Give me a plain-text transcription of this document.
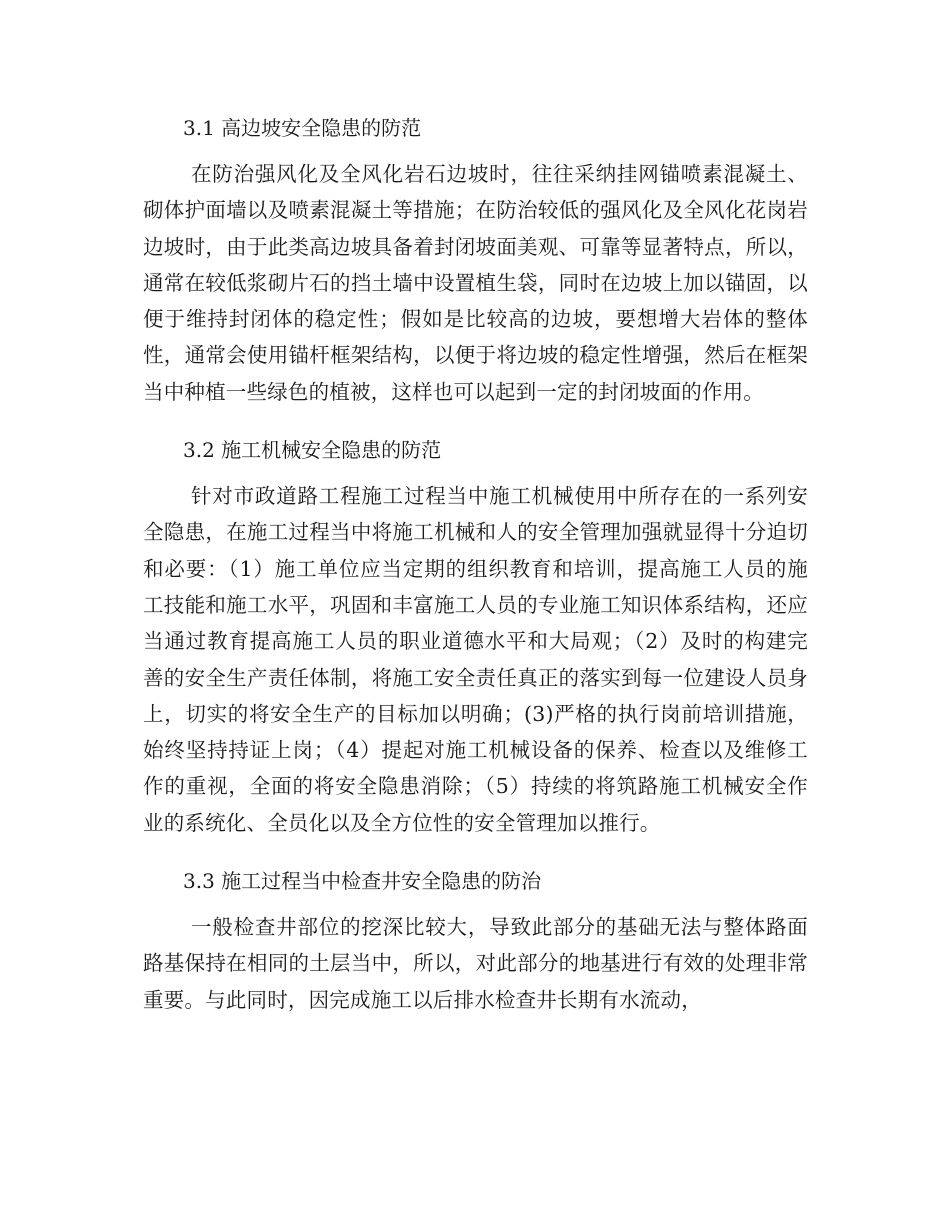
3.1 高边坡安全隐患的防范

在防治强风化及全风化岩石边坡时，往往采纳挂网锚喷素混凝土、砌体护面墙以及喷素混凝土等措施；在防治较低的强风化及全风化花岗岩边坡时，由于此类高边坡具备着封闭坡面美观、可靠等显著特点，所以，通常在较低浆砌片石的挡土墙中设置植生袋，同时在边坡上加以锚固，以便于维持封闭体的稳定性；假如是比较高的边坡，要想增大岩体的整体性，通常会使用锚杆框架结构，以便于将边坡的稳定性增强，然后在框架当中种植一些绿色的植被，这样也可以起到一定的封闭坡面的作用。

3.2 施工机械安全隐患的防范

针对市政道路工程施工过程当中施工机械使用中所存在的一系列安全隐患，在施工过程当中将施工机械和人的安全管理加强就显得十分迫切和必要：（1）施工单位应当定期的组织教育和培训，提高施工人员的施工技能和施工水平，巩固和丰富施工人员的专业施工知识体系结构，还应当通过教育提高施工人员的职业道德水平和大局观；（2）及时的构建完善的安全生产责任体制，将施工安全责任真正的落实到每一位建设人员身上，切实的将安全生产的目标加以明确；(3)严格的执行岗前培训措施，始终坚持持证上岗；（4）提起对施工机械设备的保养、检查以及维修工作的重视，全面的将安全隐患消除；（5）持续的将筑路施工机械安全作业的系统化、全员化以及全方位性的安全管理加以推行。

3.3 施工过程当中检查井安全隐患的防治

一般检查井部位的挖深比较大，导致此部分的基础无法与整体路面路基保持在相同的土层当中，所以，对此部分的地基进行有效的处理非常重要。与此同时，因完成施工以后排水检查井长期有水流动，
